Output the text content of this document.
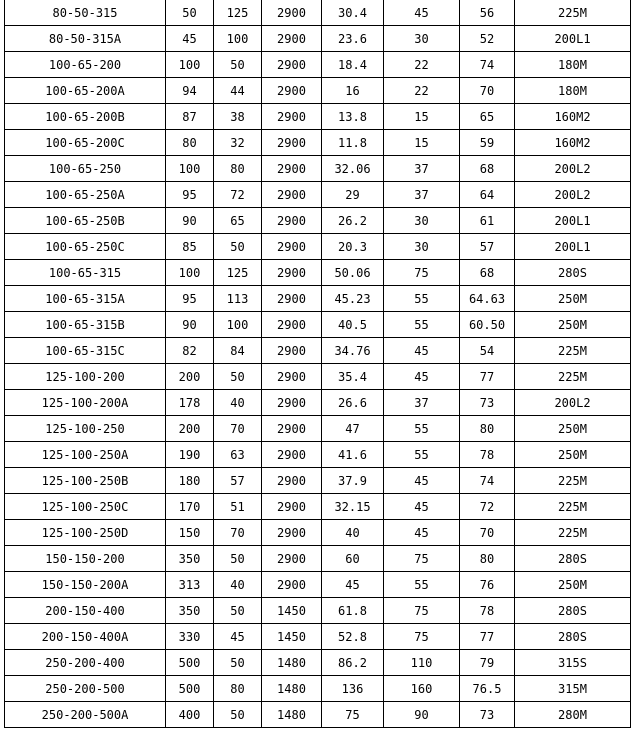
80-50-315	50	125	2900	30.4	45	56	225M
80-50-315A	45	100	2900	23.6	30	52	200L1
100-65-200	100	50	2900	18.4	22	74	180M
100-65-200A	94	44	2900	16	22	70	180M
100-65-200B	87	38	2900	13.8	15	65	160M2
100-65-200C	80	32	2900	11.8	15	59	160M2
100-65-250	100	80	2900	32.06	37	68	200L2
100-65-250A	95	72	2900	29	37	64	200L2
100-65-250B	90	65	2900	26.2	30	61	200L1
100-65-250C	85	50	2900	20.3	30	57	200L1
100-65-315	100	125	2900	50.06	75	68	280S
100-65-315A	95	113	2900	45.23	55	64.63	250M
100-65-315B	90	100	2900	40.5	55	60.50	250M
100-65-315C	82	84	2900	34.76	45	54	225M
125-100-200	200	50	2900	35.4	45	77	225M
125-100-200A	178	40	2900	26.6	37	73	200L2
125-100-250	200	70	2900	47	55	80	250M
125-100-250A	190	63	2900	41.6	55	78	250M
125-100-250B	180	57	2900	37.9	45	74	225M
125-100-250C	170	51	2900	32.15	45	72	225M
125-100-250D	150	70	2900	40	45	70	225M
150-150-200	350	50	2900	60	75	80	280S
150-150-200A	313	40	2900	45	55	76	250M
200-150-400	350	50	1450	61.8	75	78	280S
200-150-400A	330	45	1450	52.8	75	77	280S
250-200-400	500	50	1480	86.2	110	79	315S
250-200-500	500	80	1480	136	160	76.5	315M
250-200-500A	400	50	1480	75	90	73	280M
